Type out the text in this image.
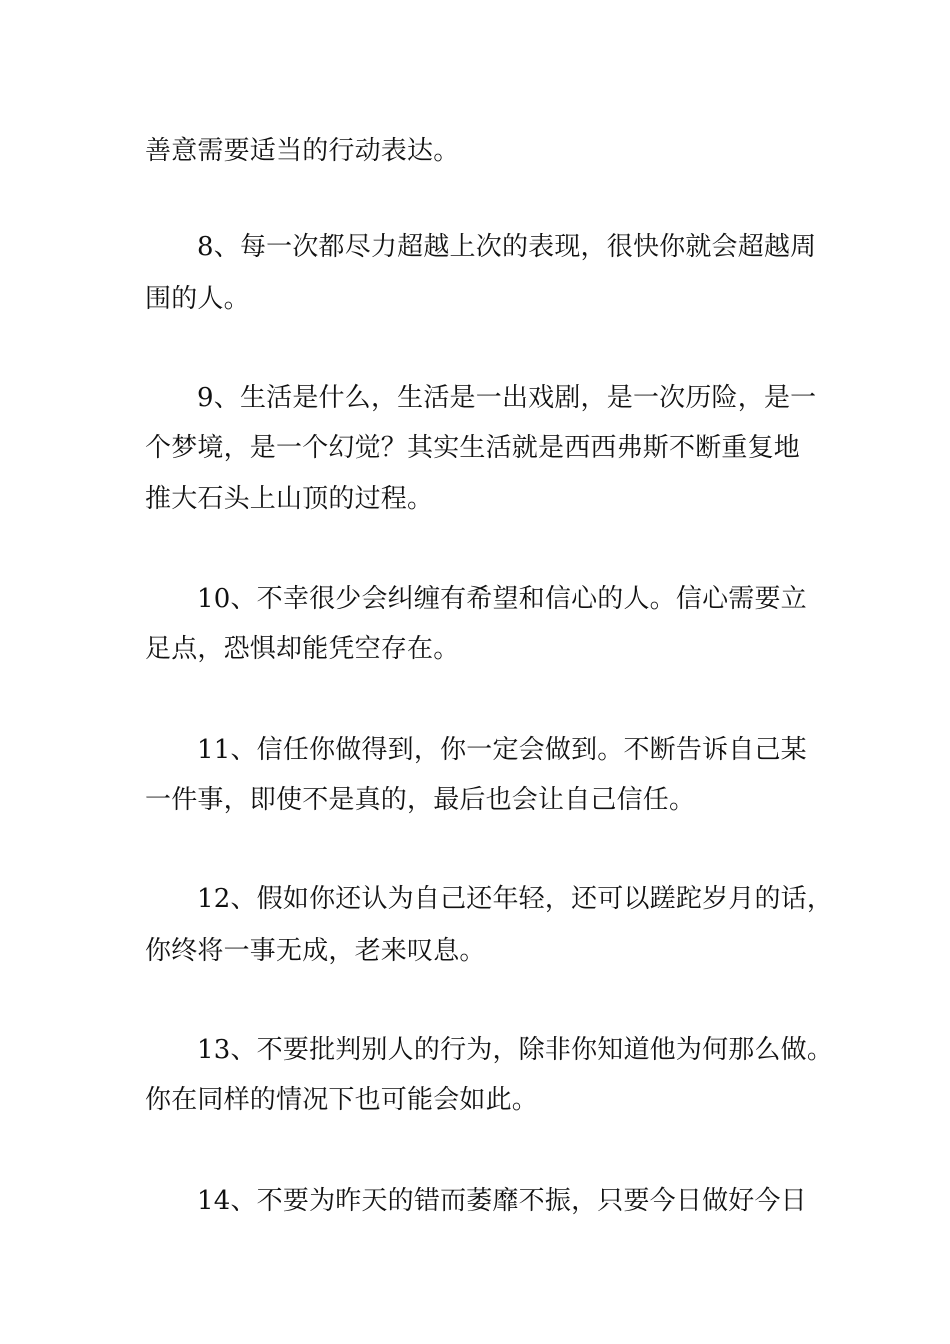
善意需要适当的行动表达。
8、每一次都尽力超越上次的表现，很快你就会超越周
围的人。
9、生活是什么，生活是一出戏剧，是一次历险，是一
个梦境，是一个幻觉？其实生活就是西西弗斯不断重复地
推大石头上山顶的过程。
10、不幸很少会纠缠有希望和信心的人。信心需要立
足点，恐惧却能凭空存在。
11、信任你做得到，你一定会做到。不断告诉自己某
一件事，即使不是真的，最后也会让自己信任。
12、假如你还认为自己还年轻，还可以蹉跎岁月的话，
你终将一事无成，老来叹息。
13、不要批判别人的行为，除非你知道他为何那么做。
你在同样的情况下也可能会如此。
14、不要为昨天的错而萎靡不振，只要今日做好今日
